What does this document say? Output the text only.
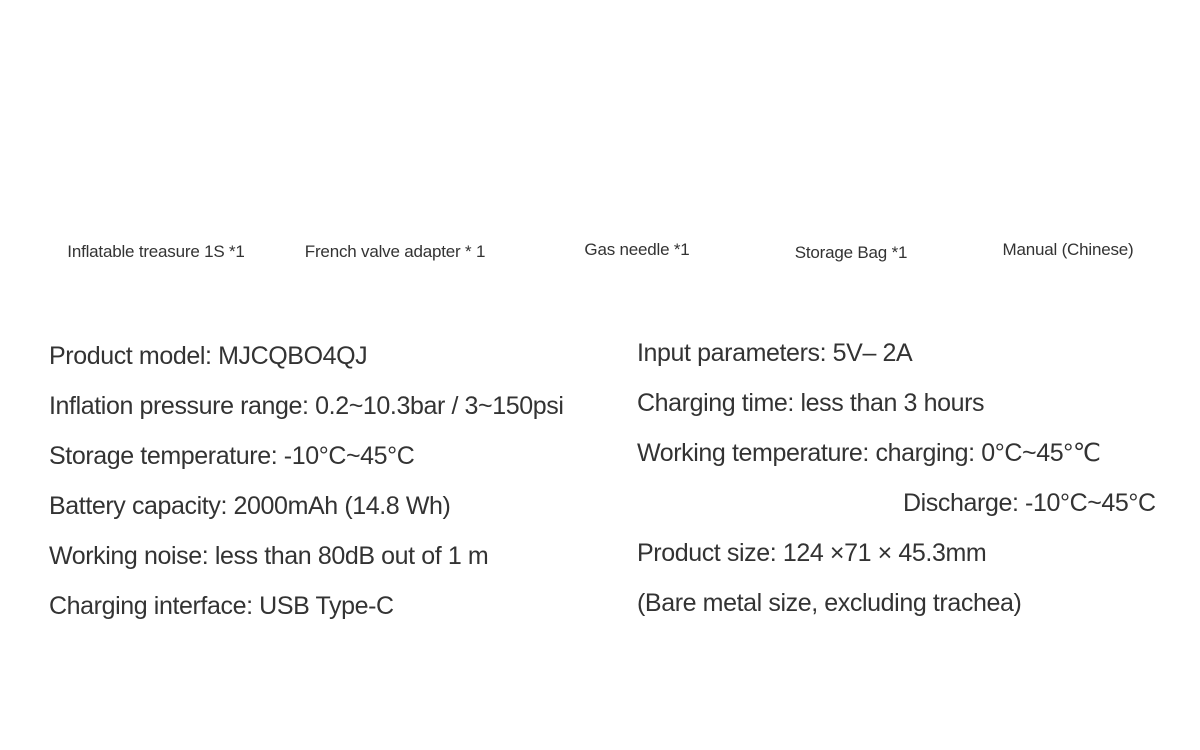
Inflatable treasure 1S *1	French valve adapter * 1	Gas needle *1	Storage Bag *1
米家充气宝1S使用说明书
Manual (Chinese)
Product model: MJCQBO4QJ
Inflation pressure range: 0.2~10.3bar / 3~150psi
Storage temperature: -10°C~45°C
Battery capacity: 2000mAh (14.8 Wh)
Working noise: less than 80dB out of 1 m
Charging interface: USB Type-C
Input parameters: 5V– 2A
Charging time: less than 3 hours
Working temperature: charging: 0°C~45°℃
Discharge: -10°C~45°C
Product size: 124 ×71 × 45.3mm
(Bare metal size, excluding trachea)
